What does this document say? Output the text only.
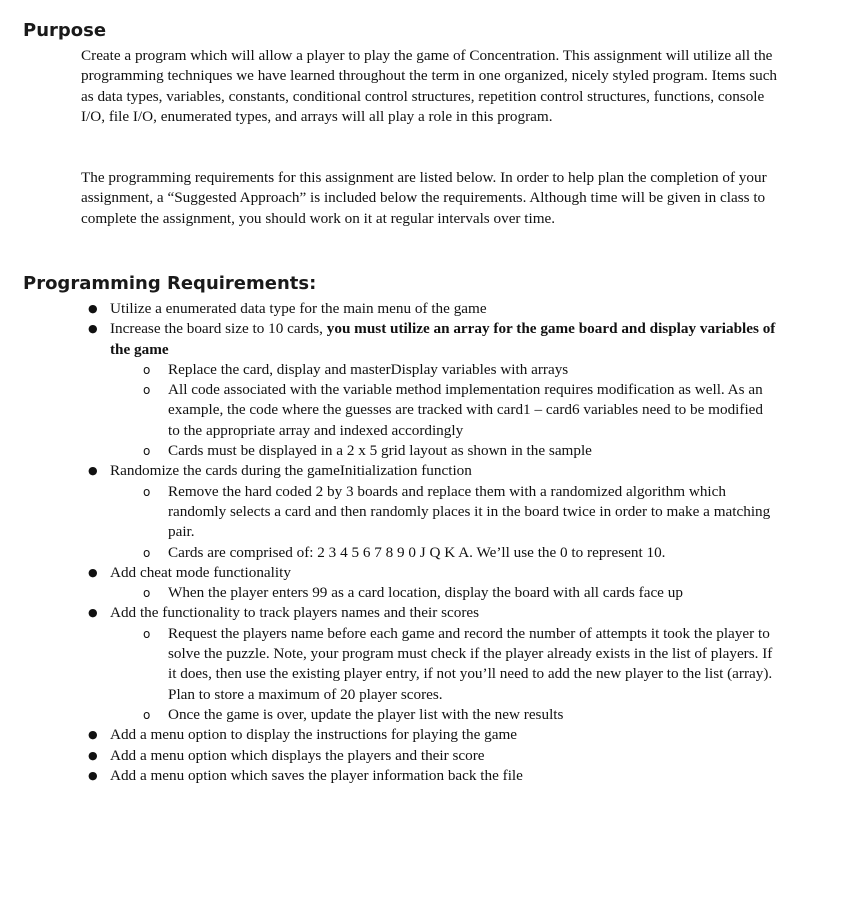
Purpose

Create a program which will allow a player to play the game of Concentration. This assignment will utilize all the programming techniques we have learned throughout the term in one organized, nicely styled program. Items such as data types, variables, constants, conditional control structures, repetition control structures, functions, console I/O, file I/O, enumerated types, and arrays will all play a role in this program.

The programming requirements for this assignment are listed below. In order to help plan the completion of your assignment, a “Suggested Approach” is included below the requirements. Although time will be given in class to complete the assignment, you should work on it at regular intervals over time.

Programming Requirements:
● Utilize a enumerated data type for the main menu of the game
● Increase the board size to 10 cards, you must utilize an array for the game board and display variables of the game
o Replace the card, display and masterDisplay variables with arrays
o All code associated with the variable method implementation requires modification as well. As an example, the code where the guesses are tracked with card1 – card6 variables need to be modified to the appropriate array and indexed accordingly
o Cards must be displayed in a 2 x 5 grid layout as shown in the sample
● Randomize the cards during the gameInitialization function
o Remove the hard coded 2 by 3 boards and replace them with a randomized algorithm which randomly selects a card and then randomly places it in the board twice in order to make a matching pair.
o Cards are comprised of: 2 3 4 5 6 7 8 9 0 J Q K A. We’ll use the 0 to represent 10.
● Add cheat mode functionality
o When the player enters 99 as a card location, display the board with all cards face up
● Add the functionality to track players names and their scores
o Request the players name before each game and record the number of attempts it took the player to solve the puzzle. Note, your program must check if the player already exists in the list of players. If it does, then use the existing player entry, if not you’ll need to add the new player to the list (array). Plan to store a maximum of 20 player scores.
o Once the game is over, update the player list with the new results
● Add a menu option to display the instructions for playing the game
● Add a menu option which displays the players and their score
● Add a menu option which saves the player information back the file
